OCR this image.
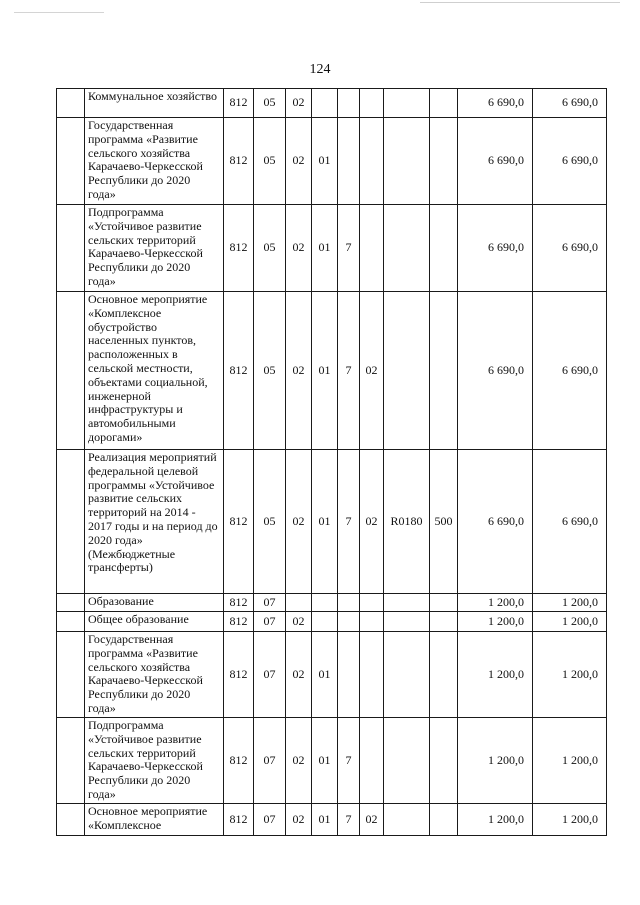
124
	Коммунальное хозяйство	812	05	02						6 690,0	6 690,0
	Государственная программа «Развитие сельского хозяйства Карачаево-Черкесской Республики до 2020 года»	812	05	02	01					6 690,0	6 690,0
	Подпрограмма «Устойчивое развитие сельских территорий Карачаево-Черкесской Республики до 2020 года»	812	05	02	01	7				6 690,0	6 690,0
	Основное мероприятие «Комплексное обустройство населенных пунктов, расположенных в сельской местности, объектами социальной, инженерной инфраструктуры и автомобильными дорогами»	812	05	02	01	7	02			6 690,0	6 690,0
	Реализация мероприятий федеральной целевой программы «Устойчивое развитие сельских территорий на 2014 - 2017 годы и на период до 2020 года» (Межбюджетные трансферты)	812	05	02	01	7	02	R0180	500	6 690,0	6 690,0
	Образование	812	07							1 200,0	1 200,0
	Общее образование	812	07	02						1 200,0	1 200,0
	Государственная программа «Развитие сельского хозяйства Карачаево-Черкесской Республики до 2020 года»	812	07	02	01					1 200,0	1 200,0
	Подпрограмма «Устойчивое развитие сельских территорий Карачаево-Черкесской Республики до 2020 года»	812	07	02	01	7				1 200,0	1 200,0
	Основное мероприятие «Комплексное	812	07	02	01	7	02			1 200,0	1 200,0
